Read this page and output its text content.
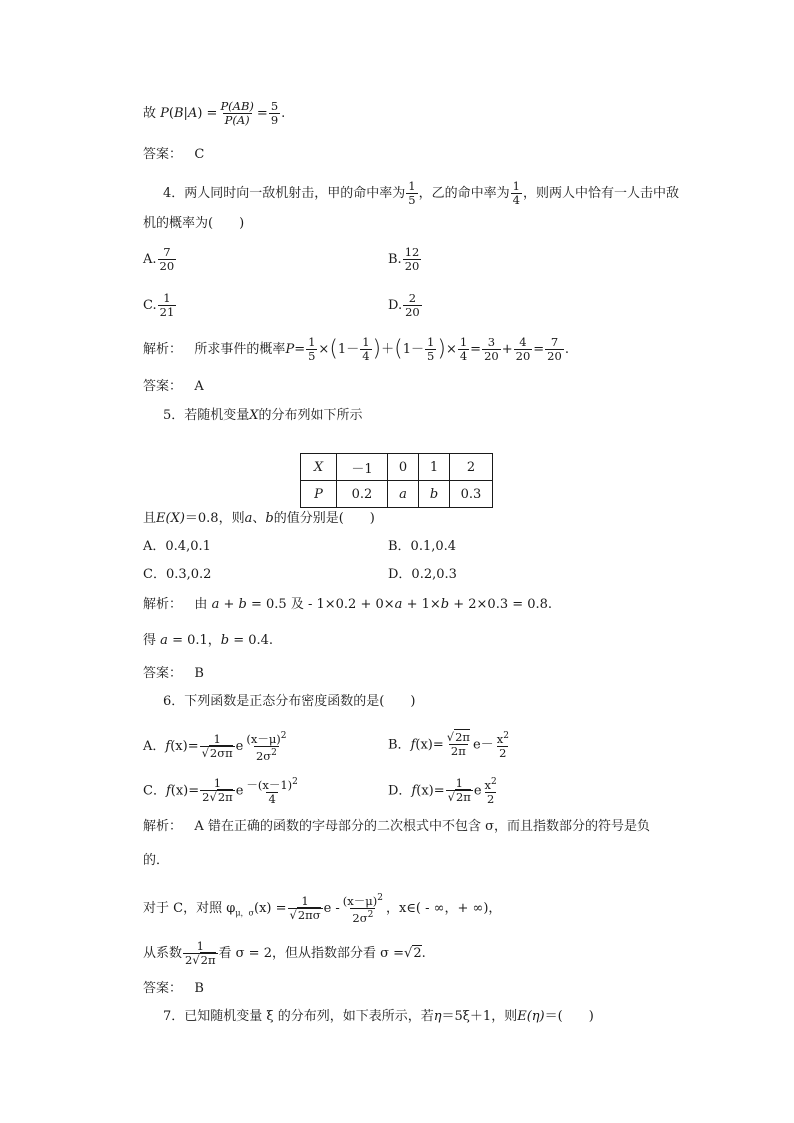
故 $P(B|A) = \frac{P(AB)}{P(A)} = \frac{5}{9}$ .
答案： C
4．两人同时向一敌机射击，甲的命中率为 $\frac{1}{5}$ ，乙的命中率为 $\frac{1}{4}$ ，则两人中恰有一人击中敌
机的概率为(　　)
A. $\frac{7}{20}$	B. $\frac{12}{20}$
C. $\frac{1}{21}$	D. $\frac{2}{20}$
解析： 所求事件的概率$P= \frac{1}{5} \times(1- \frac{1}{4} )+(1- \frac{1}{5}$ )× $\frac{1}{4} = \frac{3}{20} + \frac{4}{20} = \frac{7}{20}$ .
答案： A
5．若随机变量X的分布列如下所示
X	－1	0	1	2
P	0.2	a	b	0.3
且E(X)＝0.8，则a、b的值分别是(　　)
A．0.4,0.1	B．0.1,0.4
C．0.3,0.2	D．0.2,0.3
解析： 由 a + b = 0.5 及 - 1×0.2 + 0×a + 1×b + 2×0.3 = 0.8.
得 a = 0.1，b = 0.4.
答案： B
6．下列函数是正态分布密度函数的是(　　)
A．$f(x)= \frac{1}{√2\sigma\pi}$ e $\frac{(x-\mu)^2}{2\sigma^2}$	B．$f(x)= \frac{√2\pi}{2\pi} e- \frac{x^2}{2}$
C．$f(x)= \frac{1}{2√2\pi}$ e $\frac{-(x-1)^2}{4}$	D．$f(x)= \frac{1}{√2\pi}$ e $\frac{x^2}{2}$
解析： A 错在正确的函数的字母部分的二次根式中不包含 σ，而且指数部分的符号是负
的．
对于 C，对照 $\varphi_{\mu,\sigma}(x) = \frac{1}{√2\pi\sigma}$ e - $\frac{(x-\mu)^2}{2\sigma^2}$ ，x∈( - ∞，+ ∞)，
从系数 $\frac{1}{2√2\pi}$ 看 σ = 2，但从指数部分看 σ =√2.
答案： B
7．已知随机变量 ξ 的分布列，如下表所示，若η＝5ξ＋1，则E(η)＝(　　)
